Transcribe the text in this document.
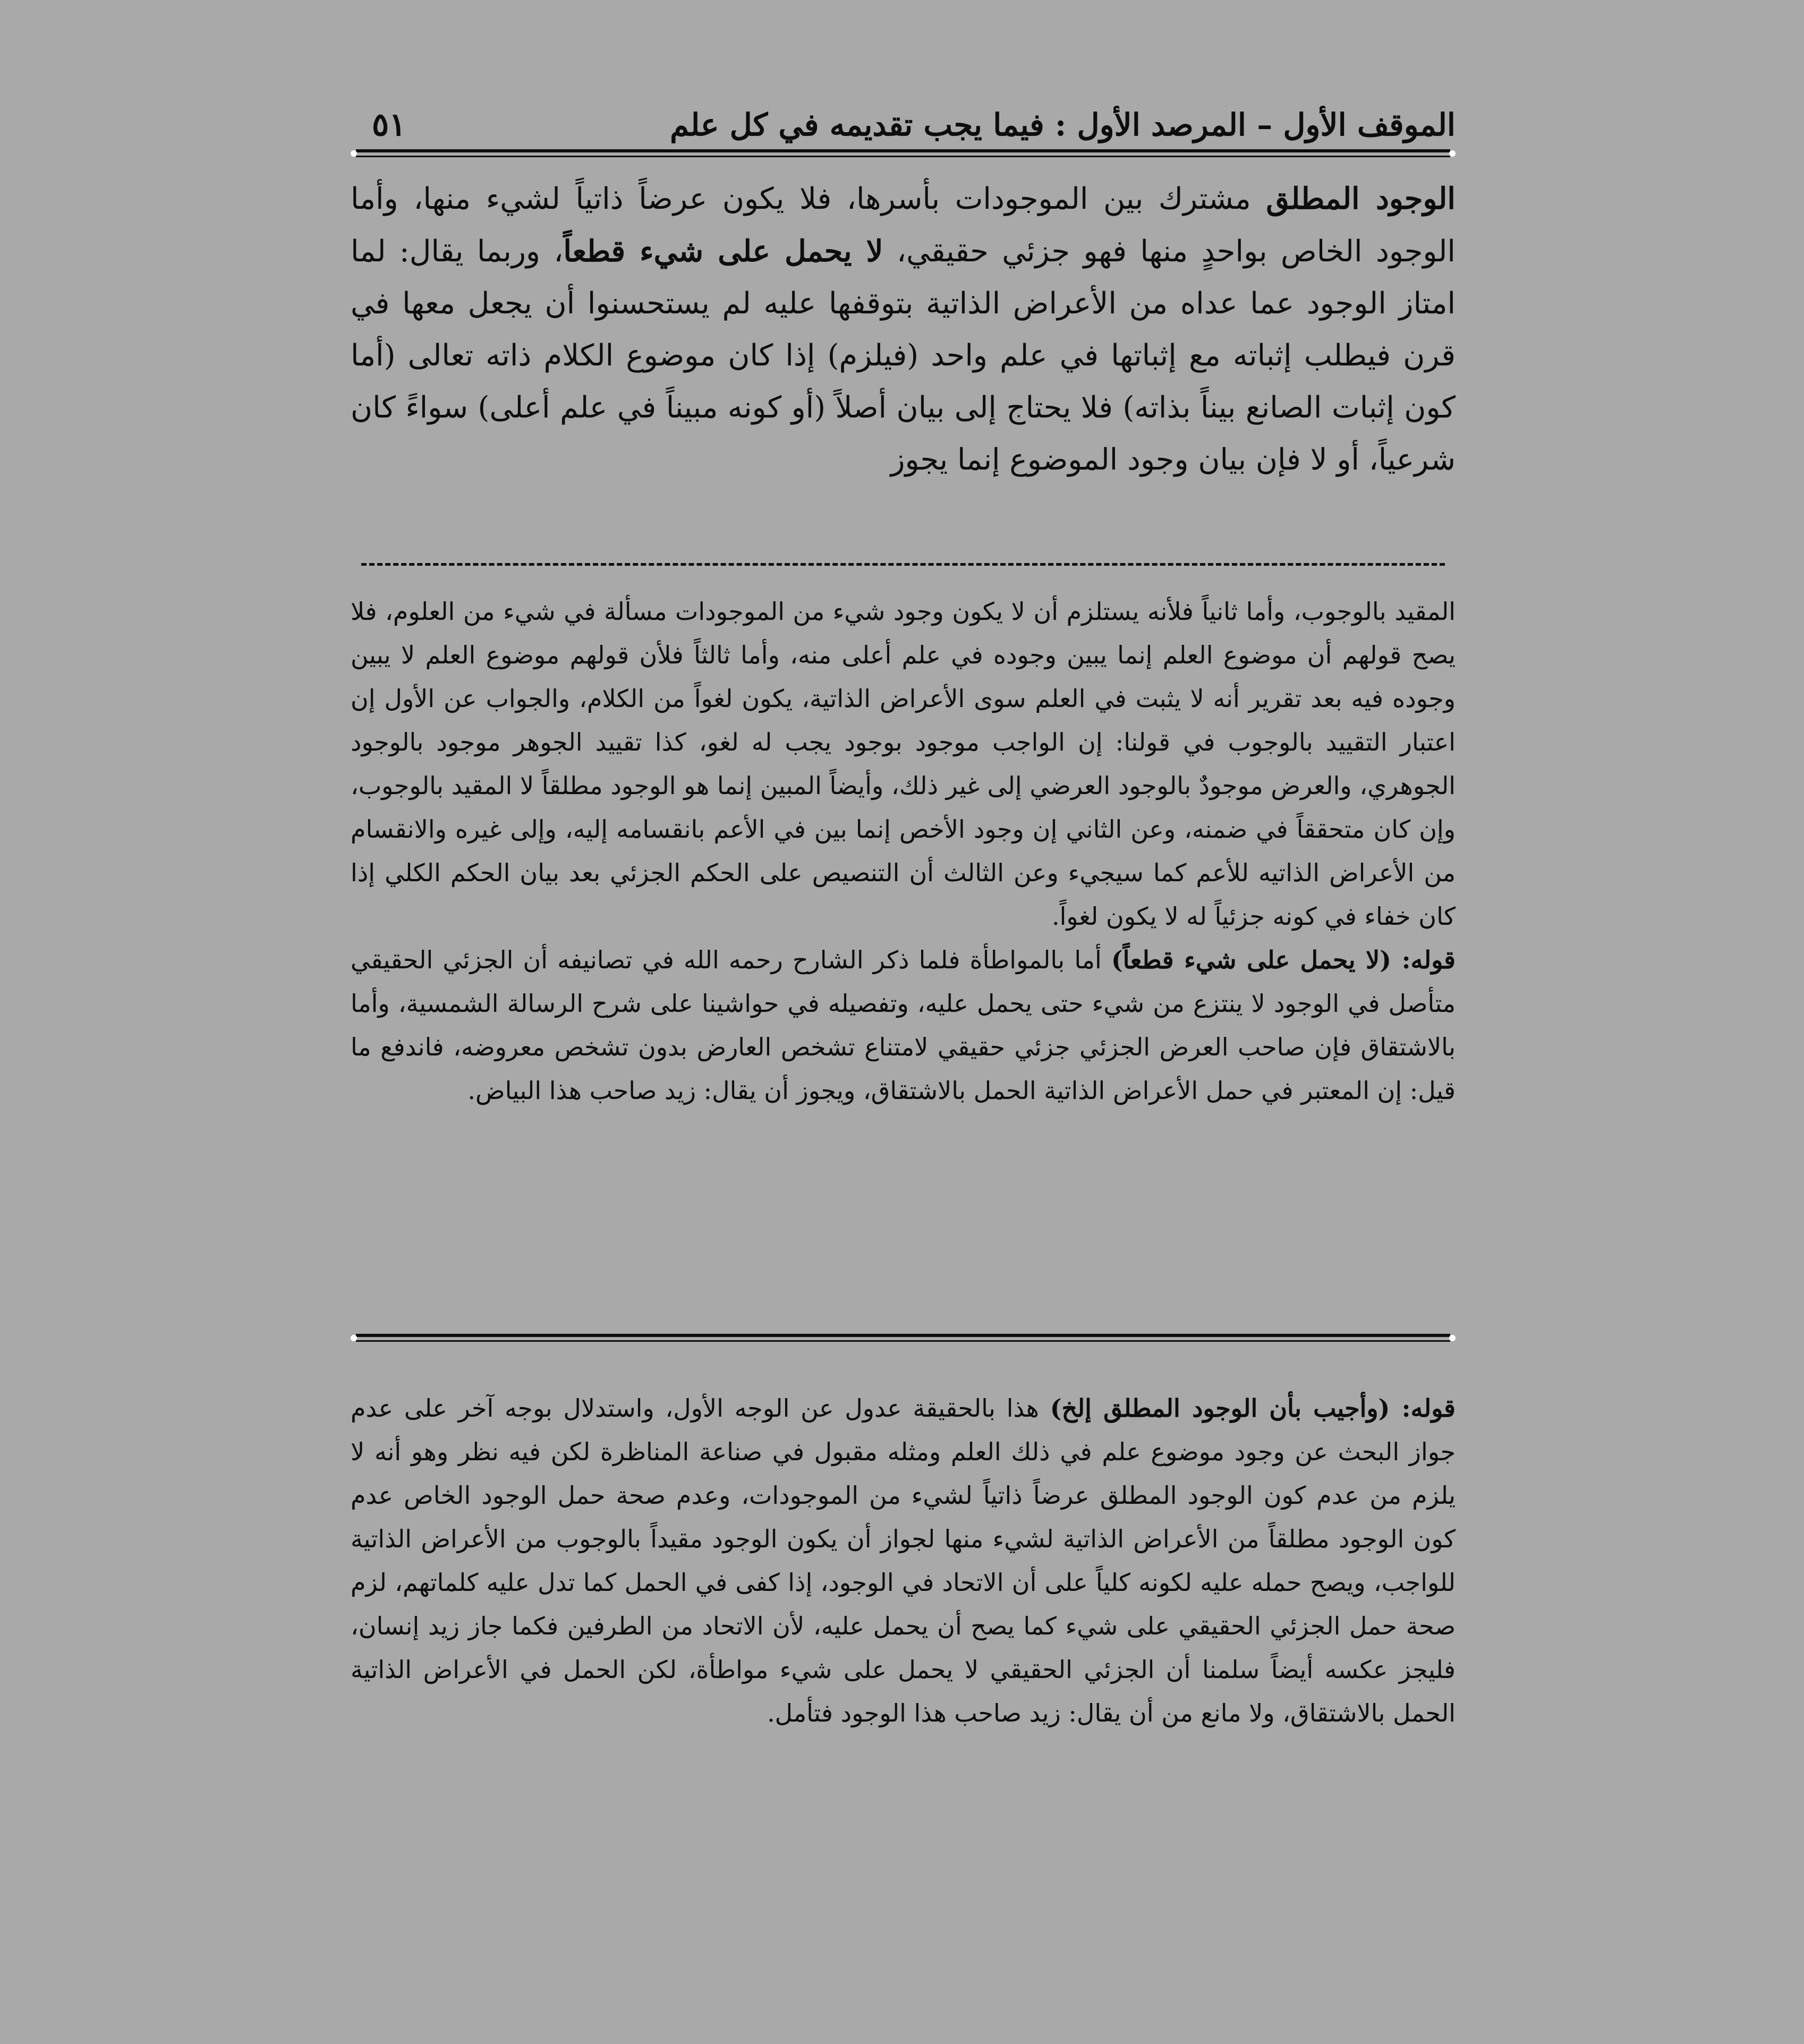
الموقف الأول – المرصد الأول : فيما يجب تقديمه في كل علم
٥١

الوجود المطلق مشترك بين الموجودات بأسرها، فلا يكون عرضاً ذاتياً لشيء منها، وأما الوجود الخاص بواحدٍ منها فهو جزئي حقيقي، لا يحمل على شيء قطعاً، وربما يقال: لما امتاز الوجود عما عداه من الأعراض الذاتية بتوقفها عليه لم يستحسنوا أن يجعل معها في قرن فيطلب إثباته مع إثباتها في علم واحد (فيلزم) إذا كان موضوع الكلام ذاته تعالى (أما كون إثبات الصانع بيناً بذاته) فلا يحتاج إلى بيان أصلاً (أو كونه مبيناً في علم أعلى) سواءً كان شرعياً، أو لا فإن بيان وجود الموضوع إنما يجوز

المقيد بالوجوب، وأما ثانياً فلأنه يستلزم أن لا يكون وجود شيء من الموجودات مسألة في شيء من العلوم، فلا يصح قولهم أن موضوع العلم إنما يبين وجوده في علم أعلى منه، وأما ثالثاً فلأن قولهم موضوع العلم لا يبين وجوده فيه بعد تقرير أنه لا يثبت في العلم سوى الأعراض الذاتية، يكون لغواً من الكلام، والجواب عن الأول إن اعتبار التقييد بالوجوب في قولنا: إن الواجب موجود بوجود يجب له لغو، كذا تقييد الجوهر موجود بالوجود الجوهري، والعرض موجودٌ بالوجود العرضي إلى غير ذلك، وأيضاً المبين إنما هو الوجود مطلقاً لا المقيد بالوجوب، وإن كان متحققاً في ضمنه، وعن الثاني إن وجود الأخص إنما بين في الأعم بانقسامه إليه، وإلى غيره والانقسام من الأعراض الذاتيه للأعم كما سيجيء وعن الثالث أن التنصيص على الحكم الجزئي بعد بيان الحكم الكلي إذا كان خفاء في كونه جزئياً له لا يكون لغواً.

قوله: (لا يحمل على شيء قطعاً) أما بالمواطأة فلما ذكر الشارح رحمه الله في تصانيفه أن الجزئي الحقيقي متأصل في الوجود لا ينتزع من شيء حتى يحمل عليه، وتفصيله في حواشينا على شرح الرسالة الشمسية، وأما بالاشتقاق فإن صاحب العرض الجزئي جزئي حقيقي لامتناع تشخص العارض بدون تشخص معروضه، فاندفع ما قيل: إن المعتبر في حمل الأعراض الذاتية الحمل بالاشتقاق، ويجوز أن يقال: زيد صاحب هذا البياض.

قوله: (وأجيب بأن الوجود المطلق إلخ) هذا بالحقيقة عدول عن الوجه الأول، واستدلال بوجه آخر على عدم جواز البحث عن وجود موضوع علم في ذلك العلم ومثله مقبول في صناعة المناظرة لكن فيه نظر وهو أنه لا يلزم من عدم كون الوجود المطلق عرضاً ذاتياً لشيء من الموجودات، وعدم صحة حمل الوجود الخاص عدم كون الوجود مطلقاً من الأعراض الذاتية لشيء منها لجواز أن يكون الوجود مقيداً بالوجوب من الأعراض الذاتية للواجب، ويصح حمله عليه لكونه كلياً على أن الاتحاد في الوجود، إذا كفى في الحمل كما تدل عليه كلماتهم، لزم صحة حمل الجزئي الحقيقي على شيء كما يصح أن يحمل عليه، لأن الاتحاد من الطرفين فكما جاز زيد إنسان، فليجز عكسه أيضاً سلمنا أن الجزئي الحقيقي لا يحمل على شيء مواطأة، لكن الحمل في الأعراض الذاتية الحمل بالاشتقاق، ولا مانع من أن يقال: زيد صاحب هذا الوجود فتأمل.
